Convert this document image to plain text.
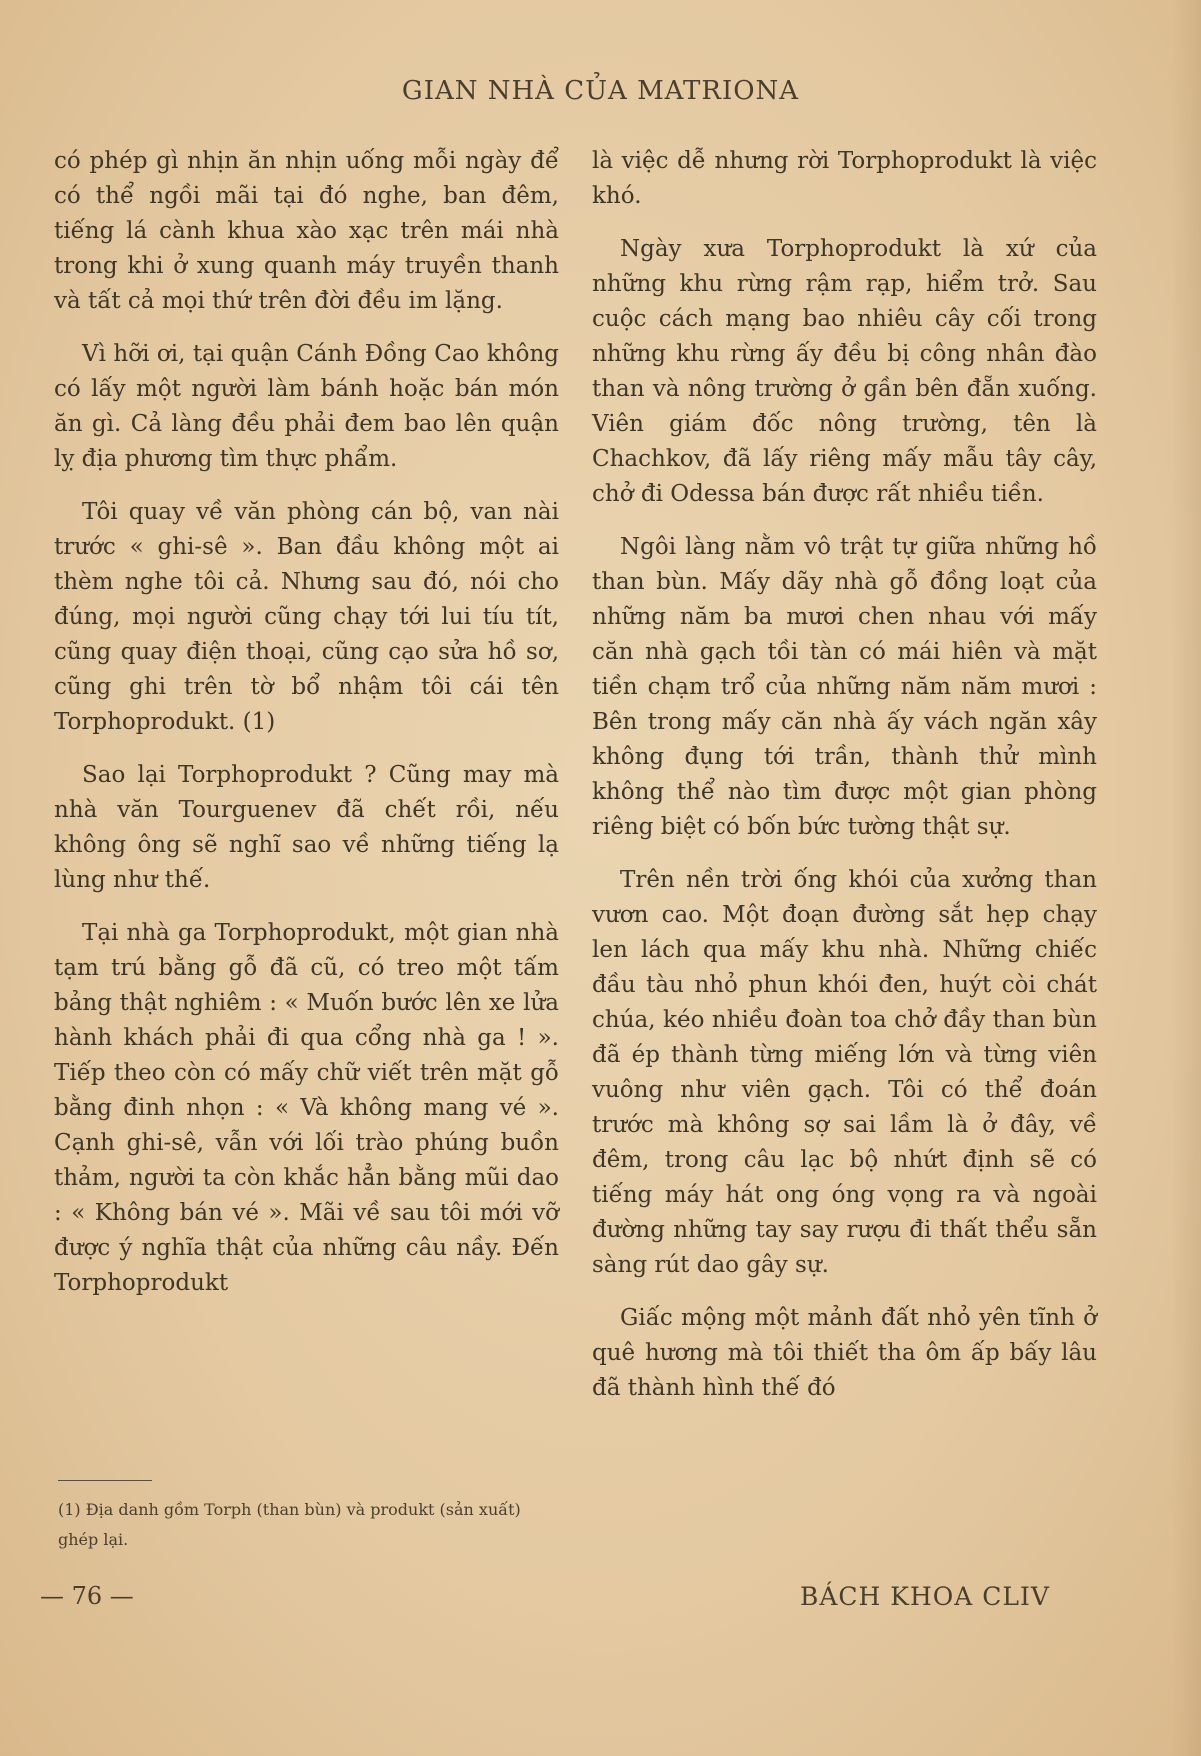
GIAN NHÀ CỦA MATRIONA

có phép gì nhịn ăn nhịn uống mỗi ngày để có thể ngồi mãi tại đó nghe, ban đêm, tiếng lá cành khua xào xạc trên mái nhà trong khi ở xung quanh máy truyền thanh và tất cả mọi thứ trên đời đều im lặng.

Vì hỡi ơi, tại quận Cánh Đồng Cao không có lấy một người làm bánh hoặc bán món ăn gì. Cả làng đều phải đem bao lên quận lỵ địa phương tìm thực phẩm.

Tôi quay về văn phòng cán bộ, van nài trước « ghi-sê ». Ban đầu không một ai thèm nghe tôi cả. Nhưng sau đó, nói cho đúng, mọi người cũng chạy tới lui tíu tít, cũng quay điện thoại, cũng cạo sửa hồ sơ, cũng ghi trên tờ bổ nhậm tôi cái tên Torphoprodukt. (1)

Sao lại Torphoprodukt ? Cũng may mà nhà văn Tourguenev đã chết rồi, nếu không ông sẽ nghĩ sao về những tiếng lạ lùng như thế.

Tại nhà ga Torphoprodukt, một gian nhà tạm trú bằng gỗ đã cũ, có treo một tấm bảng thật nghiêm : « Muốn bước lên xe lửa hành khách phải đi qua cổng nhà ga ! ». Tiếp theo còn có mấy chữ viết trên mặt gỗ bằng đinh nhọn : « Và không mang vé ». Cạnh ghi-sê, vẫn với lối trào phúng buồn thảm, người ta còn khắc hẳn bằng mũi dao : « Không bán vé ». Mãi về sau tôi mới vỡ được ý nghĩa thật của những câu nầy. Đến Torphoprodukt

là việc dễ nhưng rời Torphoprodukt là việc khó.

Ngày xưa Torphoprodukt là xứ của những khu rừng rậm rạp, hiểm trở. Sau cuộc cách mạng bao nhiêu cây cối trong những khu rừng ấy đều bị công nhân đào than và nông trường ở gần bên đẵn xuống. Viên giám đốc nông trường, tên là Chachkov, đã lấy riêng mấy mẫu tây cây, chở đi Odessa bán được rất nhiều tiền.

Ngôi làng nằm vô trật tự giữa những hồ than bùn. Mấy dãy nhà gỗ đồng loạt của những năm ba mươi chen nhau với mấy căn nhà gạch tồi tàn có mái hiên và mặt tiền chạm trổ của những năm năm mươi : Bên trong mấy căn nhà ấy vách ngăn xây không đụng tới trần, thành thử mình không thể nào tìm được một gian phòng riêng biệt có bốn bức tường thật sự.

Trên nền trời ống khói của xưởng than vươn cao. Một đoạn đường sắt hẹp chạy len lách qua mấy khu nhà. Những chiếc đầu tàu nhỏ phun khói đen, huýt còi chát chúa, kéo nhiều đoàn toa chở đầy than bùn đã ép thành từng miếng lớn và từng viên vuông như viên gạch. Tôi có thể đoán trước mà không sợ sai lầm là ở đây, về đêm, trong câu lạc bộ nhứt định sẽ có tiếng máy hát ong óng vọng ra và ngoài đường những tay say rượu đi thất thểu sẵn sàng rút dao gây sự.

Giấc mộng một mảnh đất nhỏ yên tĩnh ở quê hương mà tôi thiết tha ôm ấp bấy lâu đã thành hình thế đó

(1) Địa danh gồm Torph (than bùn) và produkt (sản xuất) ghép lại.
— 76 —	BÁCH KHOA CLIV
